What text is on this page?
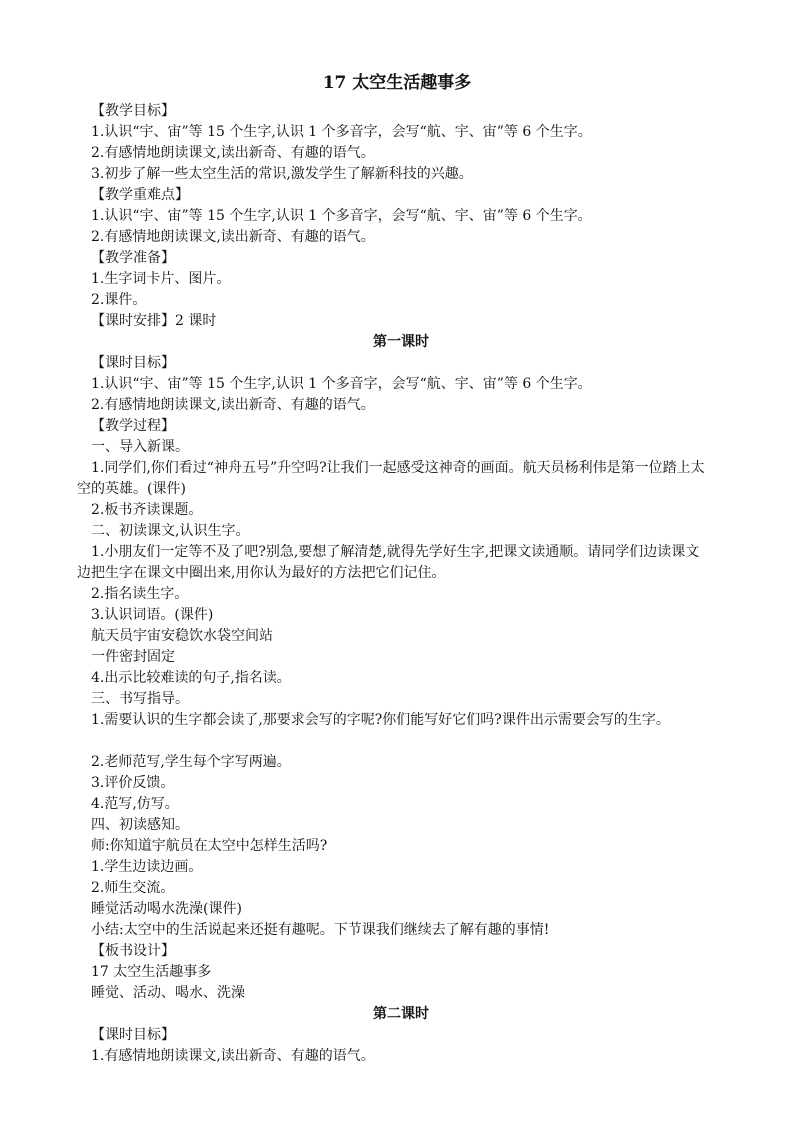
17 太空生活趣事多
【教学目标】
1.认识“宇、宙”等 15 个生字,认识 1 个多音字，会写“航、宇、宙”等 6 个生字。
2.有感情地朗读课文,读出新奇、有趣的语气。
3.初步了解一些太空生活的常识,激发学生了解新科技的兴趣。
【教学重难点】
1.认识“宇、宙”等 15 个生字,认识 1 个多音字，会写“航、宇、宙”等 6 个生字。
2.有感情地朗读课文,读出新奇、有趣的语气。
【教学准备】
1.生字词卡片、图片。
2.课件。
【课时安排】2 课时
第一课时
【课时目标】
1.认识“宇、宙”等 15 个生字,认识 1 个多音字，会写“航、宇、宙”等 6 个生字。
2.有感情地朗读课文,读出新奇、有趣的语气。
【教学过程】
一、导入新课。
1.同学们,你们看过“神舟五号”升空吗?让我们一起感受这神奇的画面。航天员杨利伟是第一位踏上太空的英雄。(课件)
2.板书齐读课题。
二、初读课文,认识生字。
1.小朋友们一定等不及了吧?别急,要想了解清楚,就得先学好生字,把课文读通顺。请同学们边读课文边把生字在课文中圈出来,用你认为最好的方法把它们记住。
2.指名读生字。
3.认识词语。(课件)
航天员宇宙安稳饮水袋空间站
一件密封固定
4.出示比较难读的句子,指名读。
三、书写指导。
1.需要认识的生字都会读了,那要求会写的字呢?你们能写好它们吗?课件出示需要会写的生字。
2.老师范写,学生每个字写两遍。
3.评价反馈。
4.范写,仿写。
四、初读感知。
师:你知道宇航员在太空中怎样生活吗?
1.学生边读边画。
2.师生交流。
睡觉活动喝水洗澡(课件)
小结:太空中的生活说起来还挺有趣呢。下节课我们继续去了解有趣的事情!
【板书设计】
17 太空生活趣事多
睡觉、活动、喝水、洗澡
第二课时
【课时目标】
1.有感情地朗读课文,读出新奇、有趣的语气。
